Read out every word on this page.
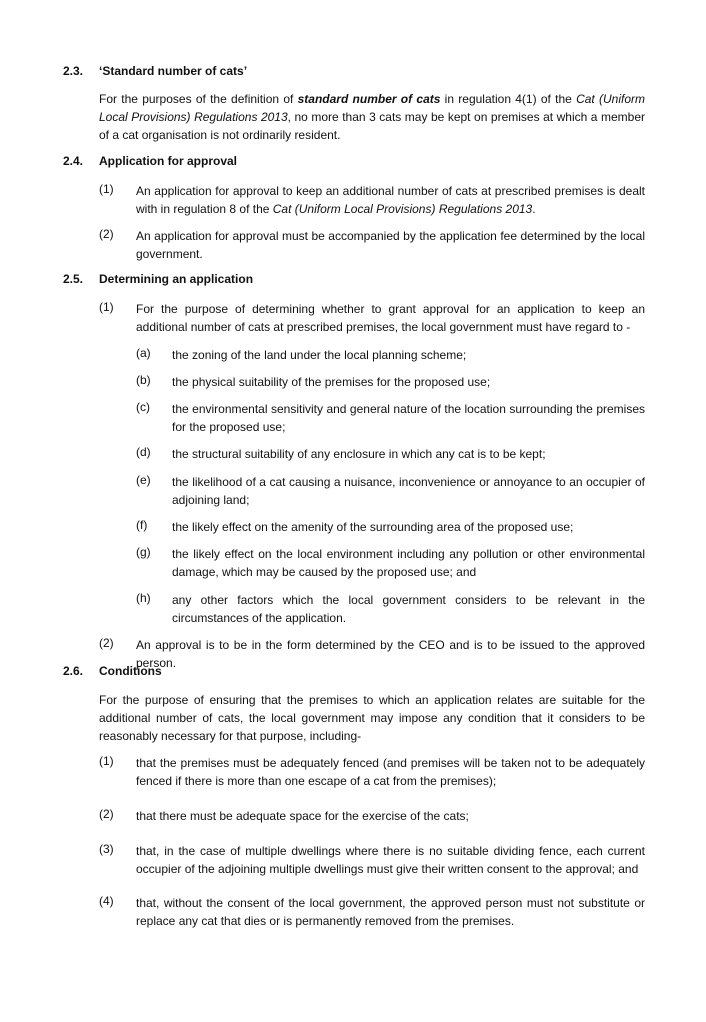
2.3. ‘Standard number of cats’
For the purposes of the definition of standard number of cats in regulation 4(1) of the Cat (Uniform Local Provisions) Regulations 2013, no more than 3 cats may be kept on premises at which a member of a cat organisation is not ordinarily resident.
2.4. Application for approval
(1) An application for approval to keep an additional number of cats at prescribed premises is dealt with in regulation 8 of the Cat (Uniform Local Provisions) Regulations 2013.
(2) An application for approval must be accompanied by the application fee determined by the local government.
2.5. Determining an application
(1) For the purpose of determining whether to grant approval for an application to keep an additional number of cats at prescribed premises, the local government must have regard to -
(a) the zoning of the land under the local planning scheme;
(b) the physical suitability of the premises for the proposed use;
(c) the environmental sensitivity and general nature of the location surrounding the premises for the proposed use;
(d) the structural suitability of any enclosure in which any cat is to be kept;
(e) the likelihood of a cat causing a nuisance, inconvenience or annoyance to an occupier of adjoining land;
(f) the likely effect on the amenity of the surrounding area of the proposed use;
(g) the likely effect on the local environment including any pollution or other environmental damage, which may be caused by the proposed use; and
(h) any other factors which the local government considers to be relevant in the circumstances of the application.
(2) An approval is to be in the form determined by the CEO and is to be issued to the approved person.
2.6. Conditions
For the purpose of ensuring that the premises to which an application relates are suitable for the additional number of cats, the local government may impose any condition that it considers to be reasonably necessary for that purpose, including-
(1) that the premises must be adequately fenced (and premises will be taken not to be adequately fenced if there is more than one escape of a cat from the premises);
(2) that there must be adequate space for the exercise of the cats;
(3) that, in the case of multiple dwellings where there is no suitable dividing fence, each current occupier of the adjoining multiple dwellings must give their written consent to the approval; and
(4) that, without the consent of the local government, the approved person must not substitute or replace any cat that dies or is permanently removed from the premises.
